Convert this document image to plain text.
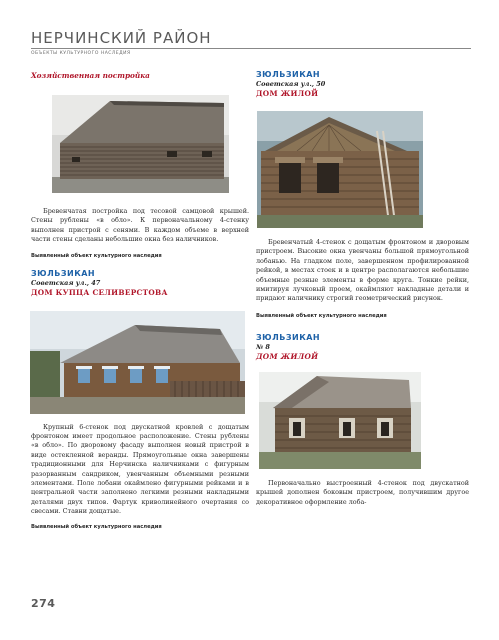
НЕРЧИНСКИЙ РАЙОН
ОБЪЕКТЫ КУЛЬТУРНОГО НАСЛЕДИЯ
Хозяйственная постройка

Бревенчатая постройка под тесовой самцовой крышей. Стены рублены «в обло». К первоначальному 4-стенку выполнен пристрой с сенями. В каждом объеме в верхней части стены сделаны небольшие окна без наличников.

Выявленный объект культурного наследия

ЗЮЛЬЗИКАН
Советская ул., 47
ДОМ КУПЦА СЕЛИВЕРСТОВА

Крупный 6-стенок под двускатной кровлей с дощатым фронтоном имеет продольное расположение. Стены рублены «в обло». По дворовому фасаду выполнен новый пристрой в виде остекленной веранды. Прямоугольные окна завершены традиционными для Нерчинска наличниками с фигурным разорванным сандриком, увенчанным объемными резными элементами. Поле лобани окаймлено фигурными рейками и в центральной части заполнено легкими резными накладными деталями двух типов. Фартук криволинейного очертания со свесами. Ставни дощатые.

Выявленный объект культурного наследия

ЗЮЛЬЗИКАН
Советская ул., 50
ДОМ ЖИЛОЙ

Бревенчатый 4-стенок с дощатым фронтоном и дворовым пристроем. Высокие окна увенчаны большой прямоугольной лобанью. На гладком поле, завершенном профилированной рейкой, в местах стоек и в центре располагаются небольшие объемные резные элементы в форме круга. Тонкие рейки, имитируя лучковый проем, окаймляют накладные детали и придают наличнику строгий геометрический рисунок.

Выявленный объект культурного наследия

ЗЮЛЬЗИКАН
№ 8
ДОМ ЖИЛОЙ

Первоначально выстроенный 4-стенок под двускатной крышей дополнен боковым пристроем, получившим другое декоративное оформление лоба-

274
